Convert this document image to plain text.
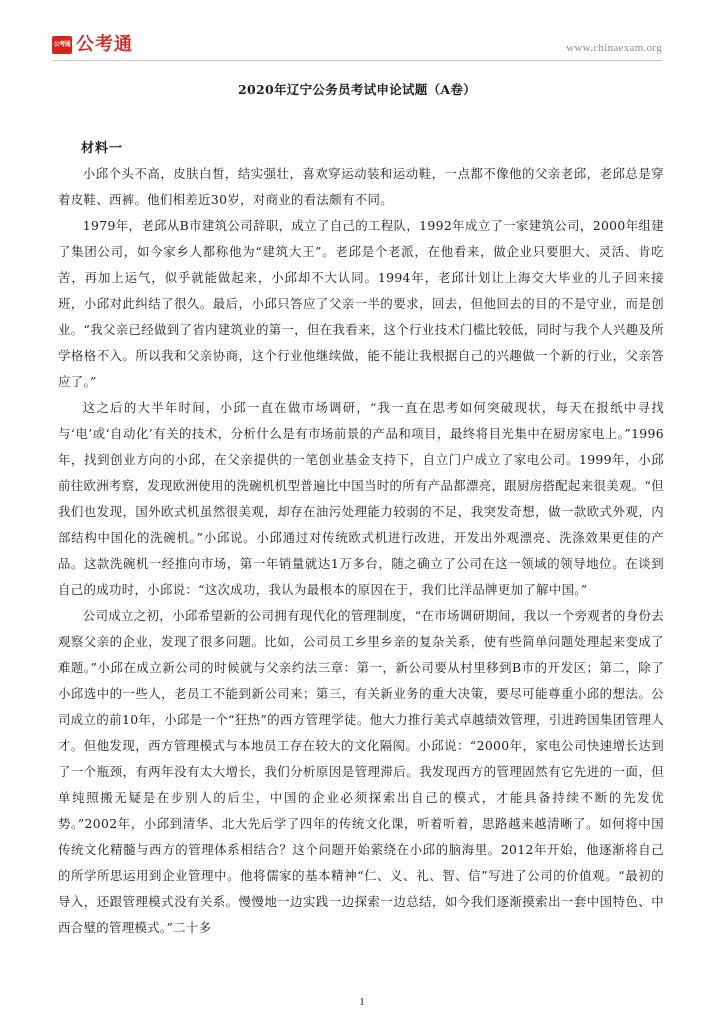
公考通 公考通	www.chinaexam.org
2020年辽宁公务员考试申论试题（A卷）
材料一

小邱个头不高，皮肤白皙，结实强壮，喜欢穿运动装和运动鞋，一点都不像他的父亲老邱，老邱总是穿着皮鞋、西裤。他们相差近30岁，对商业的看法颇有不同。

1979年，老邱从B市建筑公司辞职，成立了自己的工程队，1992年成立了一家建筑公司，2000年组建了集团公司，如今家乡人都称他为“建筑大王”。老邱是个老派，在他看来，做企业只要胆大、灵活、肯吃苦，再加上运气，似乎就能做起来，小邱却不大认同。1994年，老邱计划让上海交大毕业的儿子回来接班，小邱对此纠结了很久。最后，小邱只答应了父亲一半的要求，回去，但他回去的目的不是守业，而是创业。“我父亲已经做到了省内建筑业的第一，但在我看来，这个行业技术门槛比较低，同时与我个人兴趣及所学格格不入。所以我和父亲协商，这个行业他继续做，能不能让我根据自己的兴趣做一个新的行业，父亲答应了。”

这之后的大半年时间，小邱一直在做市场调研，“我一直在思考如何突破现状，每天在报纸中寻找与‘电’或‘自动化’有关的技术，分析什么是有市场前景的产品和项目，最终将目光集中在厨房家电上。”1996年，找到创业方向的小邱，在父亲提供的一笔创业基金支持下，自立门户成立了家电公司。1999年，小邱前往欧洲考察，发现欧洲使用的洗碗机机型普遍比中国当时的所有产品都漂亮，跟厨房搭配起来很美观。“但我们也发现，国外欧式机虽然很美观，却存在油污处理能力较弱的不足，我突发奇想，做一款欧式外观，内部结构中国化的洗碗机。”小邱说。小邱通过对传统欧式机进行改进，开发出外观漂亮、洗涤效果更佳的产品。这款洗碗机一经推向市场，第一年销量就达1万多台，随之确立了公司在这一领域的领导地位。在谈到自己的成功时，小邱说：“这次成功，我认为最根本的原因在于，我们比洋品牌更加了解中国。”

公司成立之初，小邱希望新的公司拥有现代化的管理制度，“在市场调研期间，我以一个旁观者的身份去观察父亲的企业，发现了很多问题。比如，公司员工乡里乡亲的复杂关系，使有些简单问题处理起来变成了难题。”小邱在成立新公司的时候就与父亲约法三章：第一，新公司要从村里移到B市的开发区；第二，除了小邱选中的一些人，老员工不能到新公司来；第三，有关新业务的重大决策，要尽可能尊重小邱的想法。公司成立的前10年，小邱是一个“狂热”的西方管理学徒。他大力推行美式卓越绩效管理，引进跨国集团管理人才。但他发现，西方管理模式与本地员工存在较大的文化隔阂。小邱说：“2000年，家电公司快速增长达到了一个瓶颈，有两年没有太大增长，我们分析原因是管理滞后。我发现西方的管理固然有它先进的一面，但单纯照搬无疑是在步别人的后尘，中国的企业必须探索出自己的模式，才能具备持续不断的先发优势。”2002年，小邱到清华、北大先后学了四年的传统文化课，听着听着，思路越来越清晰了。如何将中国传统文化精髓与西方的管理体系相结合？这个问题开始萦绕在小邱的脑海里。2012年开始，他逐渐将自己的所学所思运用到企业管理中。他将儒家的基本精神“仁、义、礼、智、信”写进了公司的价值观。“最初的导入，还跟管理模式没有关系。慢慢地一边实践一边探索一边总结，如今我们逐渐摸索出一套中国特色、中西合璧的管理模式。”二十多

1
